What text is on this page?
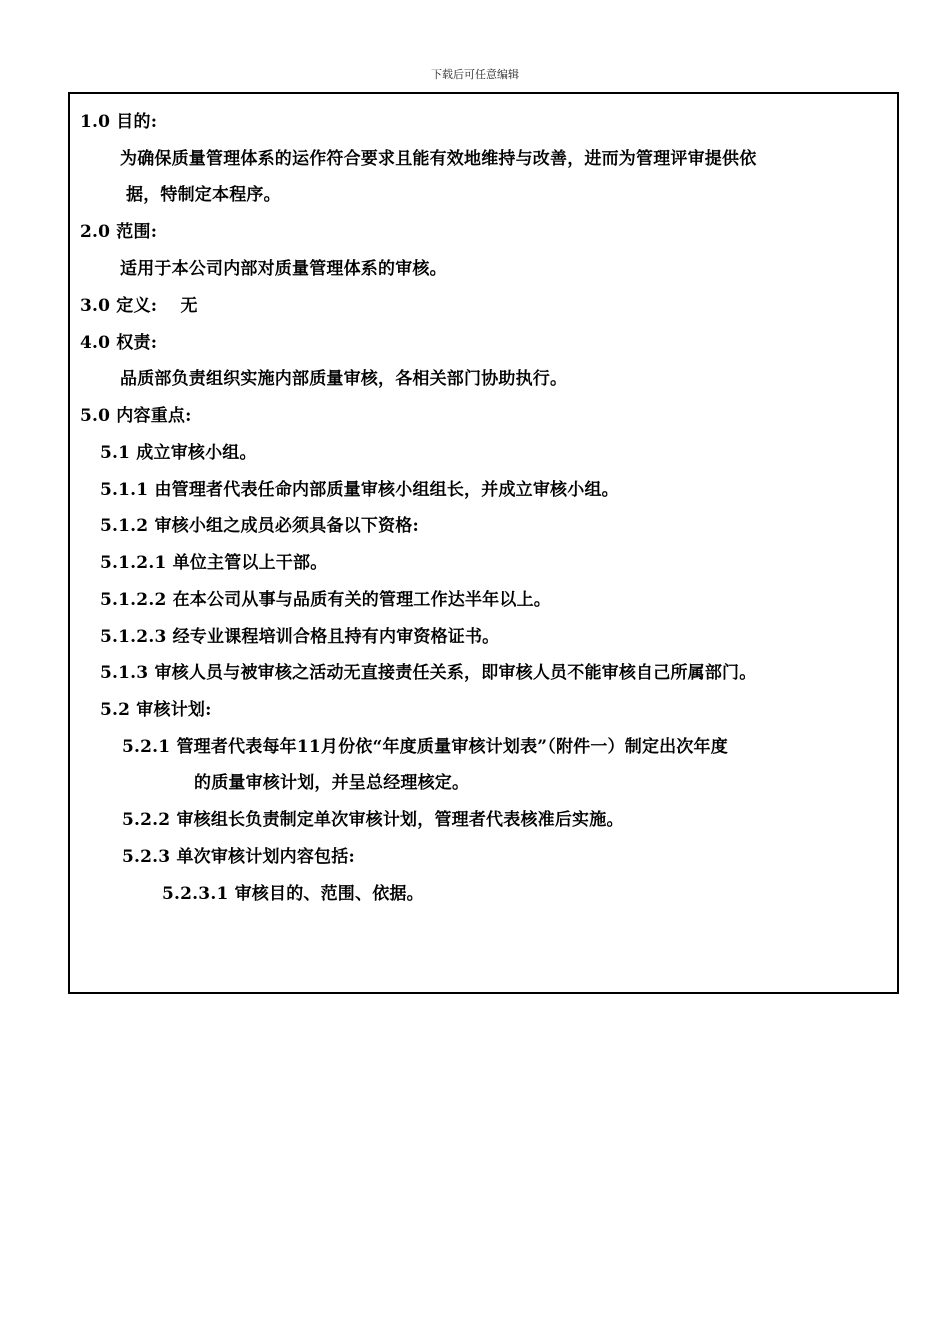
下载后可任意编辑
1.0 目的:
为确保质量管理体系的运作符合要求且能有效地维持与改善，进而为管理评审提供依
据，特制定本程序。
2.0 范围:
适用于本公司内部对质量管理体系的审核。
3.0 定义:　 无
4.0 权责:
品质部负责组织实施内部质量审核，各相关部门协助执行。
5.0 内容重点:
5.1 成立审核小组。
5.1.1 由管理者代表任命内部质量审核小组组长，并成立审核小组。
5.1.2 审核小组之成员必须具备以下资格:
5.1.2.1 单位主管以上干部。
5.1.2.2 在本公司从事与品质有关的管理工作达半年以上。
5.1.2.3 经专业课程培训合格且持有内审资格证书。
5.1.3 审核人员与被审核之活动无直接责任关系，即审核人员不能审核自己所属部门。
5.2 审核计划:
5.2.1 管理者代表每年11月份依“年度质量审核计划表”（附件一）制定出次年度
的质量审核计划，并呈总经理核定。
5.2.2 审核组长负责制定单次审核计划，管理者代表核准后实施。
5.2.3 单次审核计划内容包括:
5.2.3.1 审核目的、范围、依据。
